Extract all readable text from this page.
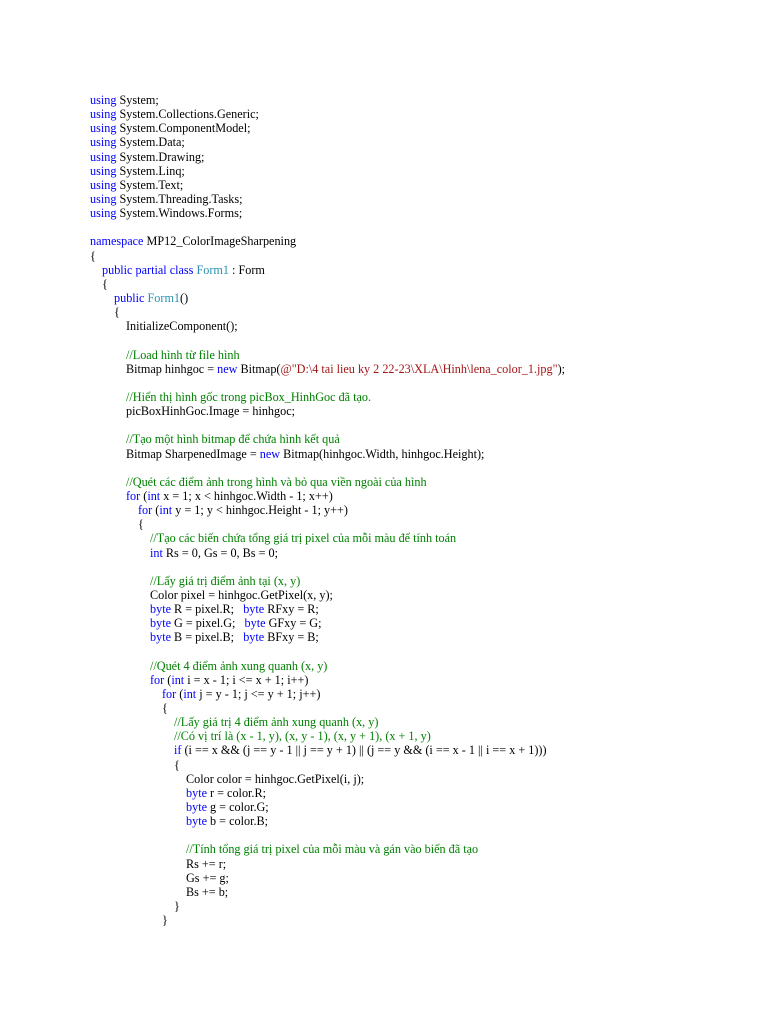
using System;
using System.Collections.Generic;
using System.ComponentModel;
using System.Data;
using System.Drawing;
using System.Linq;
using System.Text;
using System.Threading.Tasks;
using System.Windows.Forms;
namespace MP12_ColorImageSharpening
{
public partial class Form1 : Form
{
public Form1()
{
InitializeComponent();
//Load hình từ file hình
Bitmap hinhgoc = new Bitmap(@"D:\4 tai lieu ky 2 22-23\XLA\Hinh\lena_color_1.jpg");
//Hiển thị hình gốc trong picBox_HinhGoc đã tạo.
picBoxHinhGoc.Image = hinhgoc;
//Tạo một hình bitmap để chứa hình kết quả
Bitmap SharpenedImage = new Bitmap(hinhgoc.Width, hinhgoc.Height);
//Quét các điểm ảnh trong hình và bỏ qua viền ngoài của hình
for (int x = 1; x < hinhgoc.Width - 1; x++)
for (int y = 1; y < hinhgoc.Height - 1; y++)
{
//Tạo các biến chứa tổng giá trị pixel của mỗi màu để tính toán
int Rs = 0, Gs = 0, Bs = 0;
//Lấy giá trị điểm ảnh tại (x, y)
Color pixel = hinhgoc.GetPixel(x, y);
byte R = pixel.R;   byte RFxy = R;
byte G = pixel.G;   byte GFxy = G;
byte B = pixel.B;   byte BFxy = B;
//Quét 4 điểm ảnh xung quanh (x, y)
for (int i = x - 1; i <= x + 1; i++)
for (int j = y - 1; j <= y + 1; j++)
{
//Lấy giá trị 4 điểm ảnh xung quanh (x, y)
//Có vị trí là (x - 1, y), (x, y - 1), (x, y + 1), (x + 1, y)
if (i == x && (j == y - 1 || j == y + 1) || (j == y && (i == x - 1 || i == x + 1)))
{
Color color = hinhgoc.GetPixel(i, j);
byte r = color.R;
byte g = color.G;
byte b = color.B;
//Tính tổng giá trị pixel của mỗi màu và gán vào biến đã tạo
Rs += r;
Gs += g;
Bs += b;
}
}
